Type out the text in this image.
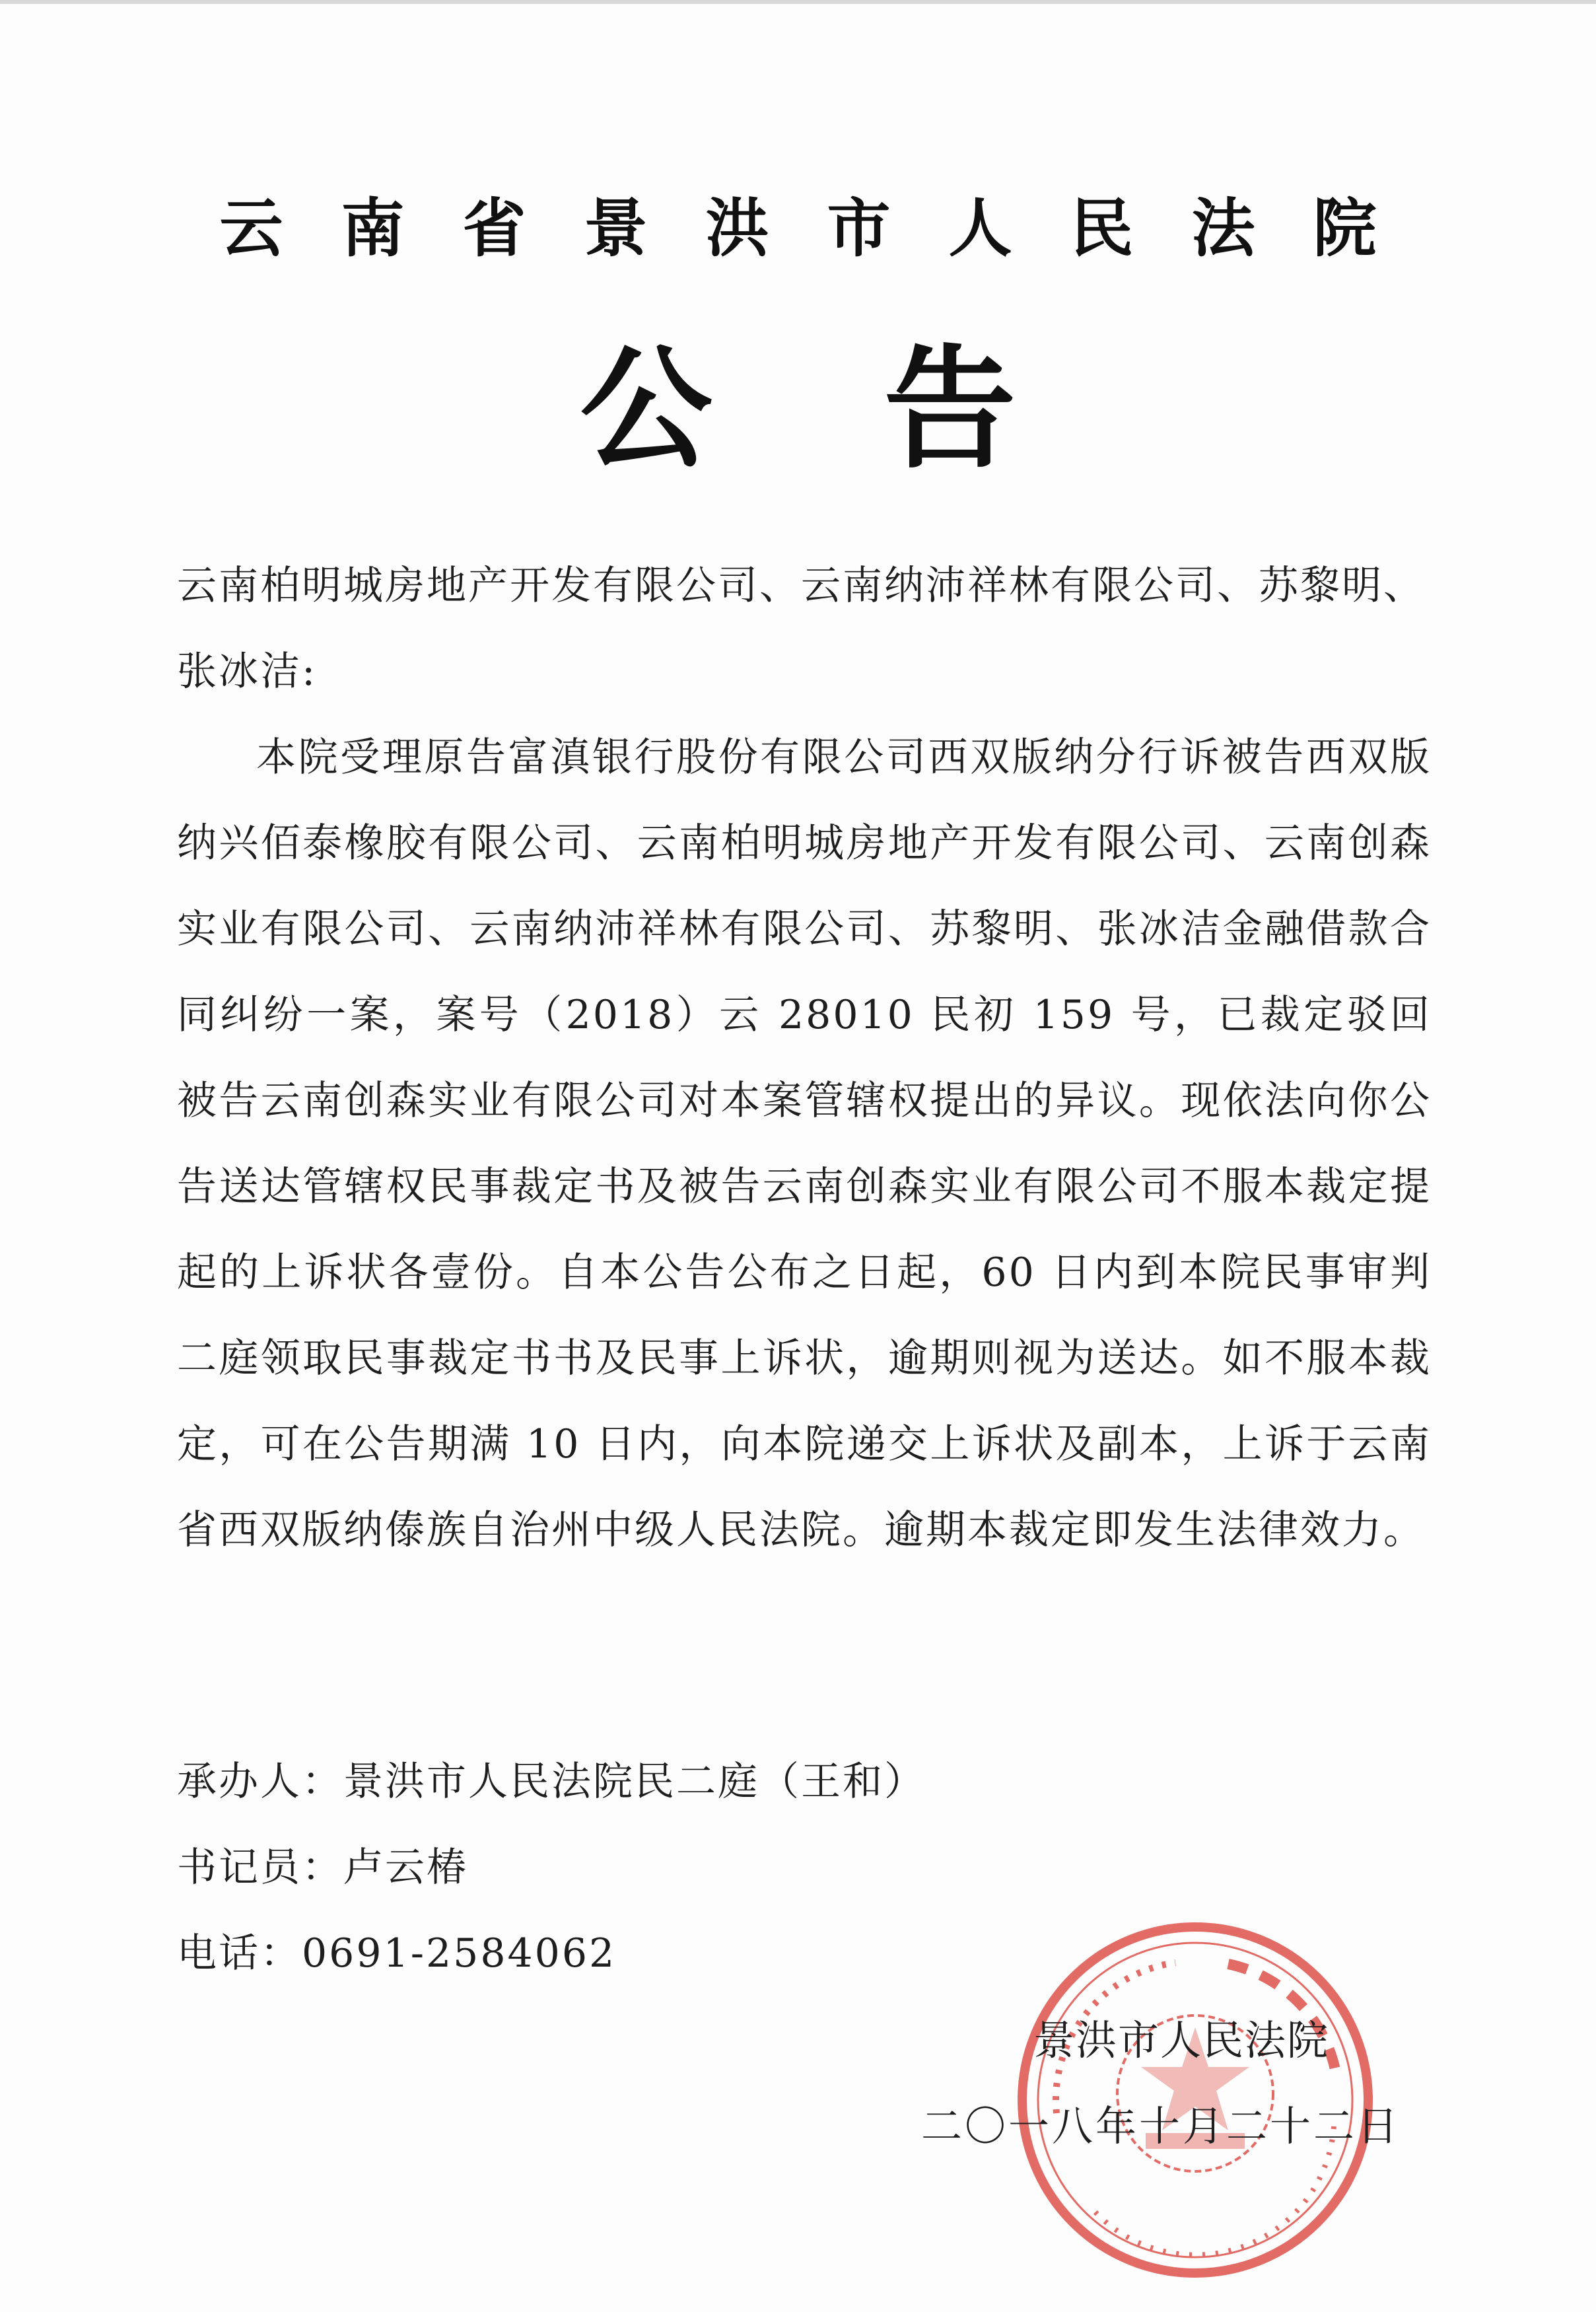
云南省景洪市人民法院
公告
云南柏明城房地产开发有限公司、云南纳沛祥林有限公司、苏黎明、张冰洁:
本院受理原告富滇银行股份有限公司西双版纳分行诉被告西双版纳兴佰泰橡胶有限公司、云南柏明城房地产开发有限公司、云南创森实业有限公司、云南纳沛祥林有限公司、苏黎明、张冰洁金融借款合同纠纷一案，案号（2018）云 28010 民初 159 号，已裁定驳回被告云南创森实业有限公司对本案管辖权提出的异议。现依法向你公告送达管辖权民事裁定书及被告云南创森实业有限公司不服本裁定提起的上诉状各壹份。自本公告公布之日起，60 日内到本院民事审判二庭领取民事裁定书书及民事上诉状，逾期则视为送达。如不服本裁定，可在公告期满 10 日内，向本院递交上诉状及副本，上诉于云南省西双版纳傣族自治州中级人民法院。逾期本裁定即发生法律效力。
承办人：景洪市人民法院民二庭（王和）
书记员：卢云椿
电话：0691-2584062
景洪市人民法院
二〇一八年十月二十二日
